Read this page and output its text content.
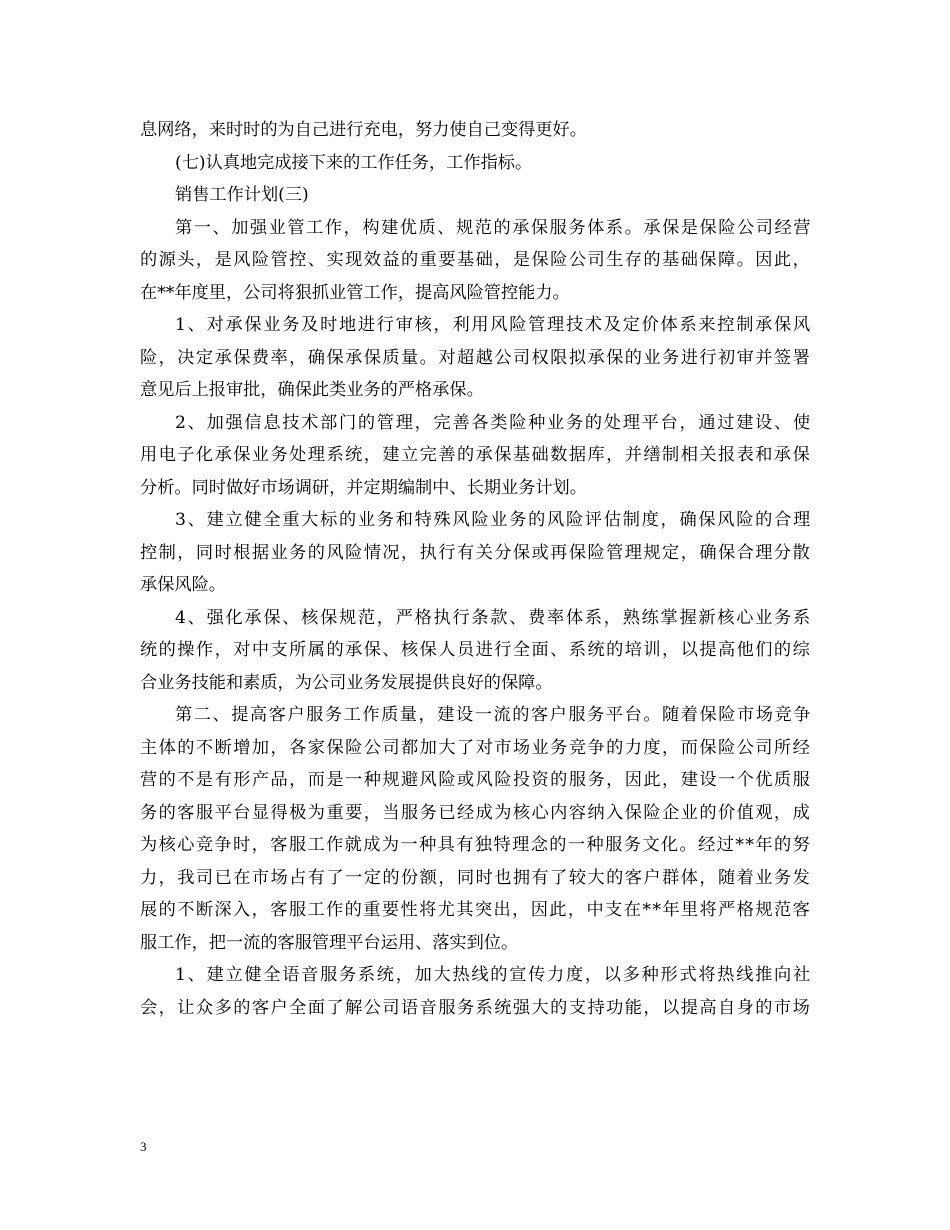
息网络，来时时的为自己进行充电，努力使自己变得更好。
(七)认真地完成接下来的工作任务，工作指标。
销售工作计划(三)
第一、加强业管工作，构建优质、规范的承保服务体系。承保是保险公司经营
的源头，是风险管控、实现效益的重要基础，是保险公司生存的基础保障。因此，
在**年度里，公司将狠抓业管工作，提高风险管控能力。
1、对承保业务及时地进行审核，利用风险管理技术及定价体系来控制承保风
险，决定承保费率，确保承保质量。对超越公司权限拟承保的业务进行初审并签署
意见后上报审批，确保此类业务的严格承保。
2、加强信息技术部门的管理，完善各类险种业务的处理平台，通过建设、使
用电子化承保业务处理系统，建立完善的承保基础数据库，并缮制相关报表和承保
分析。同时做好市场调研，并定期编制中、长期业务计划。
3、建立健全重大标的业务和特殊风险业务的风险评估制度，确保风险的合理
控制，同时根据业务的风险情况，执行有关分保或再保险管理规定，确保合理分散
承保风险。
4、强化承保、核保规范，严格执行条款、费率体系，熟练掌握新核心业务系
统的操作，对中支所属的承保、核保人员进行全面、系统的培训，以提高他们的综
合业务技能和素质，为公司业务发展提供良好的保障。
第二、提高客户服务工作质量，建设一流的客户服务平台。随着保险市场竞争
主体的不断增加，各家保险公司都加大了对市场业务竞争的力度，而保险公司所经
营的不是有形产品，而是一种规避风险或风险投资的服务，因此，建设一个优质服
务的客服平台显得极为重要，当服务已经成为核心内容纳入保险企业的价值观，成
为核心竞争时，客服工作就成为一种具有独特理念的一种服务文化。经过**年的努
力，我司已在市场占有了一定的份额，同时也拥有了较大的客户群体，随着业务发
展的不断深入，客服工作的重要性将尤其突出，因此，中支在**年里将严格规范客
服工作，把一流的客服管理平台运用、落实到位。
1、建立健全语音服务系统，加大热线的宣传力度，以多种形式将热线推向社
会，让众多的客户全面了解公司语音服务系统强大的支持功能，以提高自身的市场
3
